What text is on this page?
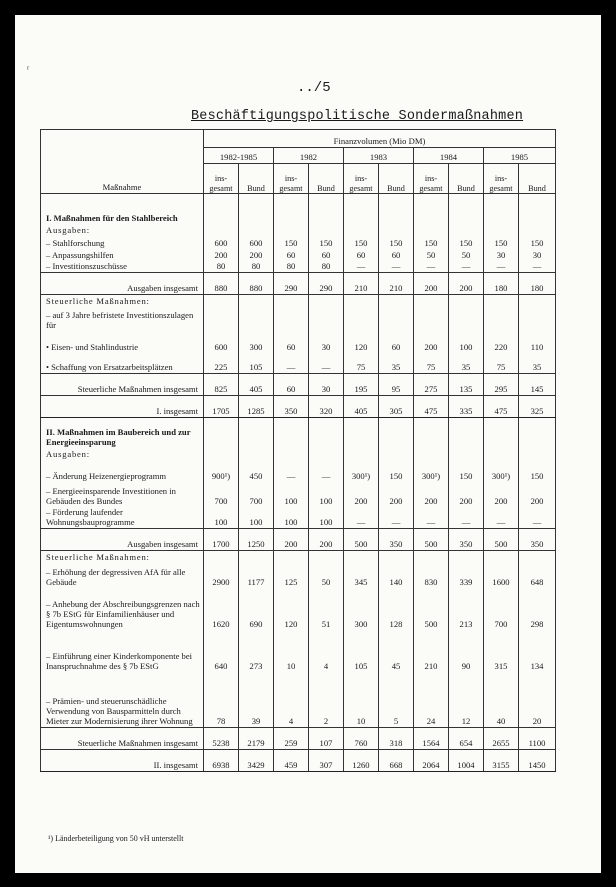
ʳ
../5
Beschäftigungspolitische Sondermaßnahmen
Maßnahme	Finanzvolumen (Mio DM)									
	1982-1985		1982		1983		1984		1985	
	ins-gesamt	Bund	ins-gesamt	Bund	ins-gesamt	Bund	ins-gesamt	Bund	ins-gesamt	Bund
I. Maßnahmen für den Stahlbereich										
Ausgaben:										
– Stahlforschung	600	600	150	150	150	150	150	150	150	150
– Anpassungshilfen	200	200	60	60	60	60	50	50	30	30
– Investitionszuschüsse	80	80	80	80	—	—	—	—	—	—
Ausgaben insgesamt	880	880	290	290	210	210	200	200	180	180
Steuerliche Maßnahmen:										
– auf 3 Jahre befristete Investitionszulagen für										
• Eisen- und Stahlindustrie	600	300	60	30	120	60	200	100	220	110
• Schaffung von Ersatzarbeitsplätzen	225	105	—	—	75	35	75	35	75	35
Steuerliche Maßnahmen insgesamt	825	405	60	30	195	95	275	135	295	145
I. insgesamt	1705	1285	350	320	405	305	475	335	475	325
II. Maßnahmen im Baubereich und zur Energieeinsparung										
Ausgaben:										
– Änderung Heizenergieprogramm	900¹)	450	—	—	300¹)	150	300¹)	150	300¹)	150
– Energieeinsparende Investitionen in Gebäuden des Bundes	700	700	100	100	200	200	200	200	200	200
– Förderung laufender Wohnungsbauprogramme	100	100	100	100	—	—	—	—	—	—
Ausgaben insgesamt	1700	1250	200	200	500	350	500	350	500	350
Steuerliche Maßnahmen:										
– Erhöhung der degressiven AfA für alle Gebäude	2900	1177	125	50	345	140	830	339	1600	648
– Anhebung der Abschreibungsgrenzen nach § 7b EStG für Einfamilienhäuser und Eigentumswohnungen	1620	690	120	51	300	128	500	213	700	298
– Einführung einer Kinderkomponente bei Inanspruchnahme des § 7b EStG	640	273	10	4	105	45	210	90	315	134
– Prämien- und steuerunschädliche Verwendung von Bausparmitteln durch Mieter zur Modernisierung ihrer Wohnung	78	39	4	2	10	5	24	12	40	20
Steuerliche Maßnahmen insgesamt	5238	2179	259	107	760	318	1564	654	2655	1100
II. insgesamt	6938	3429	459	307	1260	668	2064	1004	3155	1450
¹) Länderbeteiligung von 50 vH unterstellt
